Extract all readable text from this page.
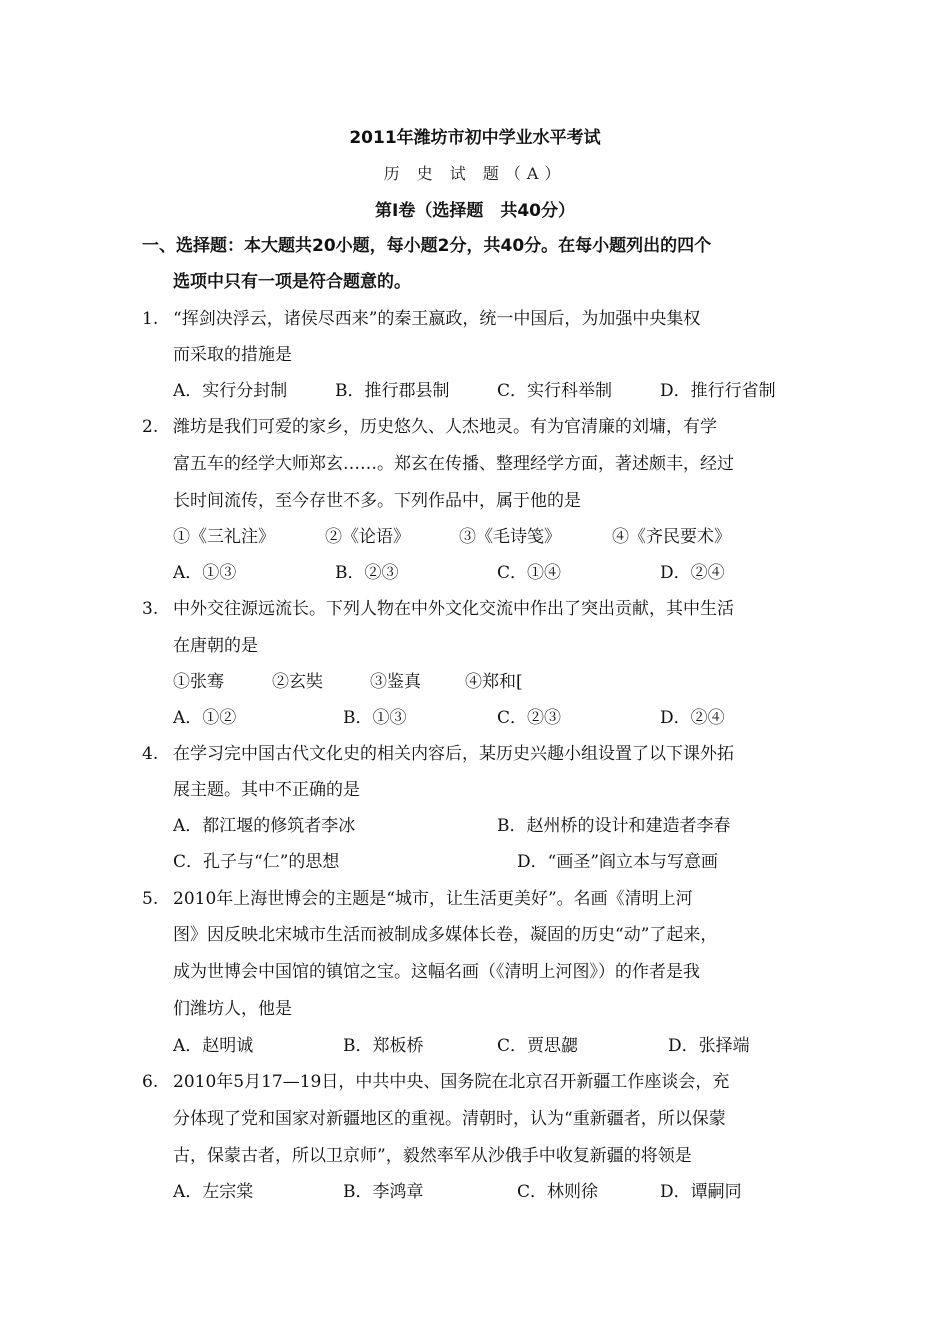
2011年潍坊市初中学业水平考试
历 史 试 题（A）
第Ⅰ卷（选择题　共40分）
一、选择题：本大题共20小题，每小题2分，共40分。在每小题列出的四个
选项中只有一项是符合题意的。
1. “挥剑决浮云，诸侯尽西来”的秦王嬴政，统一中国后，为加强中央集权
而采取的措施是
A．实行分封制	B．推行郡县制	C．实行科举制	D．推行行省制
2. 潍坊是我们可爱的家乡，历史悠久、人杰地灵。有为官清廉的刘墉，有学
富五车的经学大师郑玄……。郑玄在传播、整理经学方面，著述颇丰，经过
长时间流传，至今存世不多。下列作品中，属于他的是
①《三礼注》	②《论语》	③《毛诗笺》	④《齐民要术》
A．①③	B．②③	C．①④	D．②④
3. 中外交往源远流长。下列人物在中外文化交流中作出了突出贡献，其中生活
在唐朝的是
①张骞	②玄奘	③鉴真	④郑和[
A．①②	B．①③	C．②③	D．②④
4. 在学习完中国古代文化史的相关内容后，某历史兴趣小组设置了以下课外拓
展主题。其中不正确的是
A．都江堰的修筑者李冰	B．赵州桥的设计和建造者李春
C．孔子与“仁”的思想	D．“画圣”阎立本与写意画
5. 2010年上海世博会的主题是“城市，让生活更美好”。名画《清明上河
图》因反映北宋城市生活而被制成多媒体长卷，凝固的历史“动”了起来，
成为世博会中国馆的镇馆之宝。这幅名画（《清明上河图》）的作者是我
们潍坊人，他是
A．赵明诚	B．郑板桥	C．贾思勰	D．张择端
6. 2010年5月17—19日，中共中央、国务院在北京召开新疆工作座谈会，充
分体现了党和国家对新疆地区的重视。清朝时，认为“重新疆者，所以保蒙
古，保蒙古者，所以卫京师”，毅然率军从沙俄手中收复新疆的将领是
A．左宗棠	B．李鸿章	C．林则徐	D．谭嗣同
